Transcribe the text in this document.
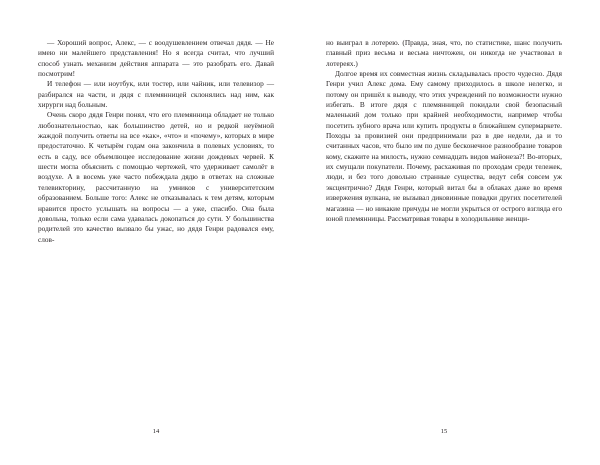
— Хороший вопрос, Алекс, — с воодушевлением отвечал дядя. — Не имею ни малейшего представления! Но я всегда считал, что лучший способ узнать механизм действия аппарата — это разобрать его. Давай посмотрим!

И телефон — или ноутбук, или тостер, или чайник, или телевизор — разбирался на части, и дядя с племянницей склонялись над ним, как хирурги над больным.

Очень скоро дядя Генри понял, что его племянница обладает не только любознательностью, как большинство детей, но и редкой неуёмной жаждой получить ответы на все «как», «что» и «почему», которых в мире предостаточно. К четырём годам она закончила в полевых условиях, то есть в саду, все объемлющее исследование жизни дождевых червей. К шести могла объяснить с помощью чертежей, что удерживает самолёт в воздухе. А в восемь уже часто побеждала дядю в ответах на сложные телевикторину, рассчитанную на умников с университетским образованием. Больше того: Алекс не отказывалась к тем детям, которым нравится просто услышать на вопросы — а уже, спасибо. Она была довольна, только если сама удавалась докопаться до сути. У большинства родителей это качество вызвало бы ужас, но дядя Генри радовался ему, слов-

14

но выиграл в лотерею. (Правда, зная, что, по статистике, шанс получить главный приз весьма и весьма ничтожен, он никогда не участвовал в лотереях.)

Долгое время их совместная жизнь складывалась просто чудесно. Дядя Генри учил Алекс дома. Ему самому приходилось в школе нелегко, и потому он пришёл к выводу, что этих учреждений по возможности нужно избегать. В итоге дядя с племянницей покидали свой безопасный маленький дом только при крайней необходимости, например чтобы посетить зубного врача или купить продукты в ближайшем супермаркете. Походы за провизией они предпринимали раз в две недели, да и то считанных часов, что было им по душе бесконечное разнообразие товаров кому, скажите на милость, нужно семнадцать видов майонеза?! Во-вторых, их смущали покупатели. Почему, расхаживая по проходам среди тележек, люди, и без того довольно странные существа, ведут себя совсем уж эксцентрично? Дядя Генри, который витал бы в облаках даже во время извержения вулкана, не вызывал диковинные повадки других посетителей магазина — но никакие причуды не могли укрыться от острого взгляда его юной племянницы. Рассматривая товары в холодильнике женщи-

15
